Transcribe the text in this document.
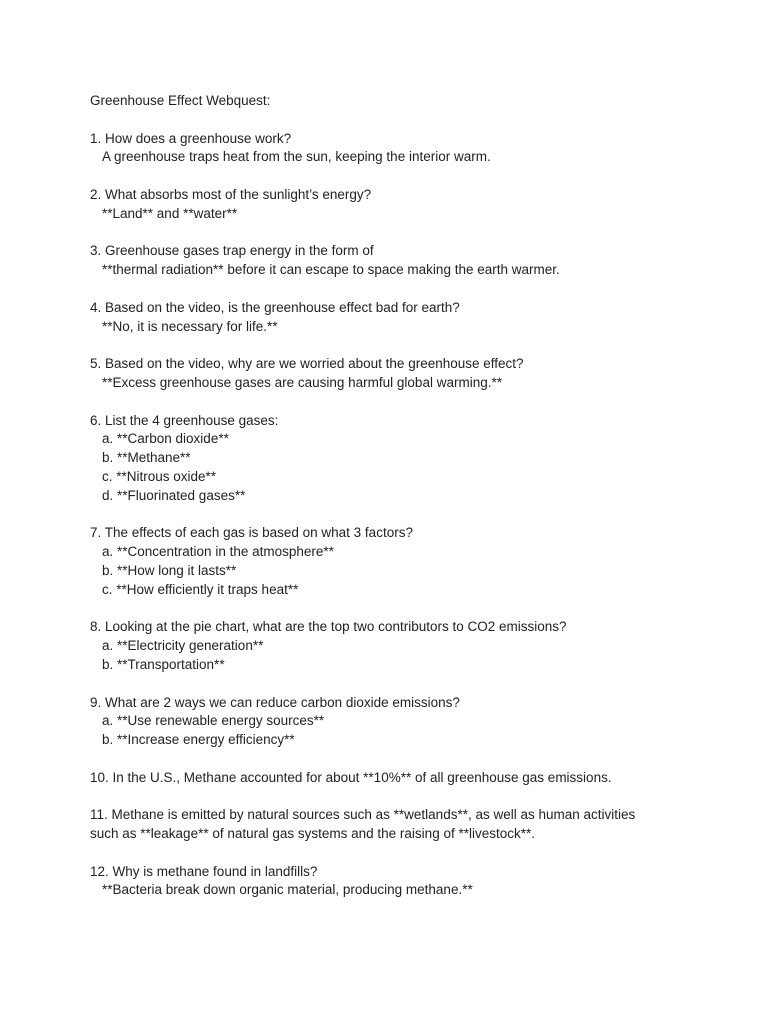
Greenhouse Effect Webquest:
1. How does a greenhouse work?
A greenhouse traps heat from the sun, keeping the interior warm.
2. What absorbs most of the sunlight’s energy?
**Land** and **water**
3. Greenhouse gases trap energy in the form of
**thermal radiation** before it can escape to space making the earth warmer.
4. Based on the video, is the greenhouse effect bad for earth?
**No, it is necessary for life.**
5. Based on the video, why are we worried about the greenhouse effect?
**Excess greenhouse gases are causing harmful global warming.**
6. List the 4 greenhouse gases:
a. **Carbon dioxide**
b. **Methane**
c. **Nitrous oxide**
d. **Fluorinated gases**
7. The effects of each gas is based on what 3 factors?
a. **Concentration in the atmosphere**
b. **How long it lasts**
c. **How efficiently it traps heat**
8. Looking at the pie chart, what are the top two contributors to CO2 emissions?
a. **Electricity generation**
b. **Transportation**
9. What are 2 ways we can reduce carbon dioxide emissions?
a. **Use renewable energy sources**
b. **Increase energy efficiency**
10. In the U.S., Methane accounted for about **10%** of all greenhouse gas emissions.
11. Methane is emitted by natural sources such as **wetlands**, as well as human activities
such as **leakage** of natural gas systems and the raising of **livestock**.
12. Why is methane found in landfills?
**Bacteria break down organic material, producing methane.**
